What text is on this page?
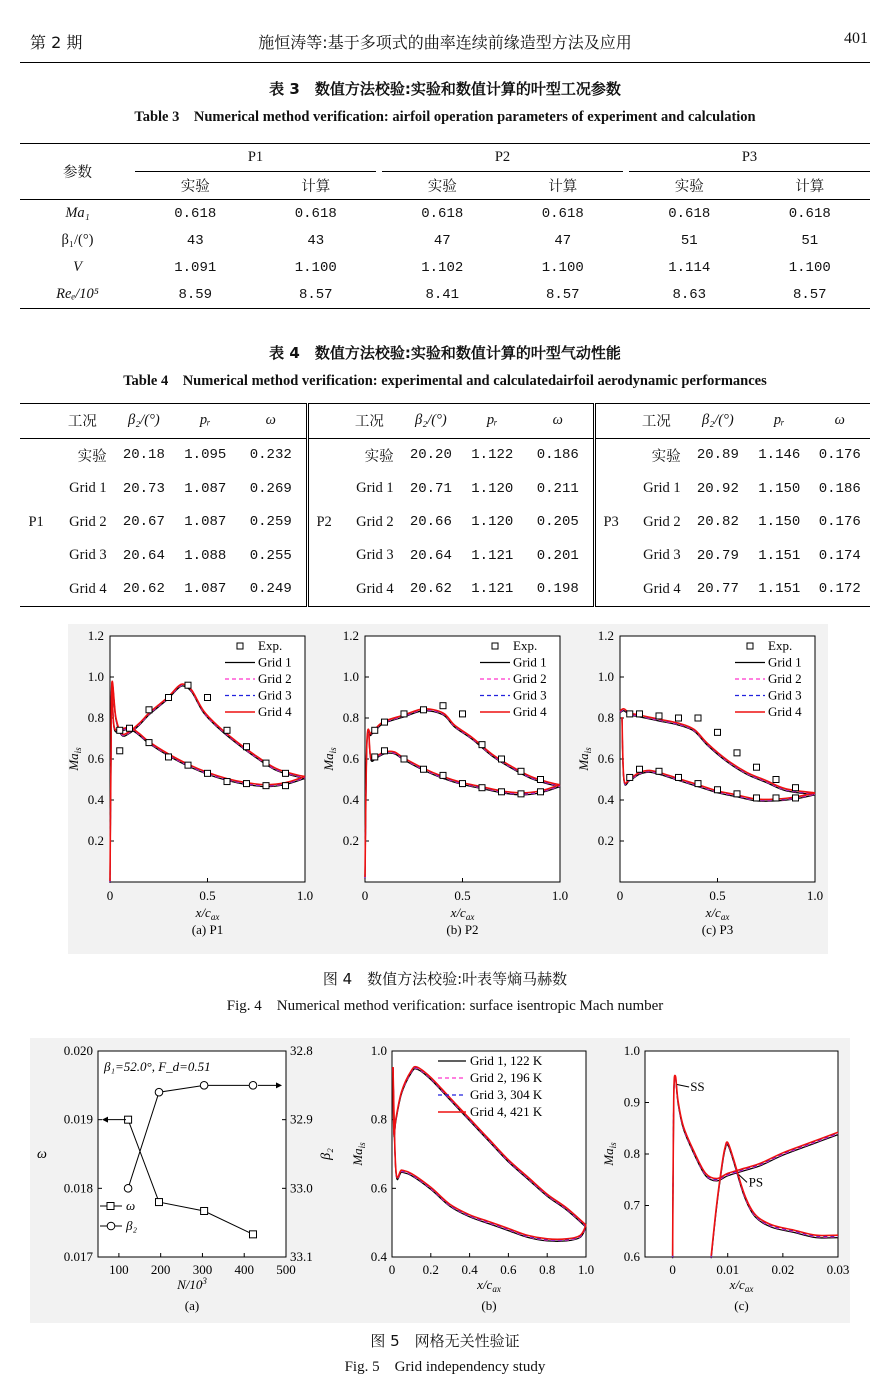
第 2 期	施恒涛等:基于多项式的曲率连续前缘造型方法及应用	401
表 3　数值方法校验:实验和数值计算的叶型工况参数
Table 3　Numerical method verification: airfoil operation parameters of experiment and calculation
参数	P1			P2			P3	
	实验	计算		实验	计算		实验	计算
Ma₁	0.618	0.618		0.618	0.618		0.618	0.618
β₁/(°)	43	43		47	47		51	51
V	1.091	1.100		1.102	1.100		1.114	1.100
Reₑ/10⁵	8.59	8.57		8.41	8.57		8.63	8.57
表 4　数值方法校验:实验和数值计算的叶型气动性能
Table 4　Numerical method verification: experimental and calculatedairfoil aerodynamic performances
	工况	β₂/(°)	pᵣ	ω		工况	β₂/(°)	pᵣ	ω		工况	β₂/(°)	pᵣ	ω
	实验	20.18	1.095	0.232		实验	20.20	1.122	0.186		实验	20.89	1.146	0.176
	Grid 1	20.73	1.087	0.269		Grid 1	20.71	1.120	0.211		Grid 1	20.92	1.150	0.186
P1	Grid 2	20.67	1.087	0.259	P2	Grid 2	20.66	1.120	0.205	P3	Grid 2	20.82	1.150	0.176
	Grid 3	20.64	1.088	0.255		Grid 3	20.64	1.121	0.201		Grid 3	20.79	1.151	0.174
	Grid 4	20.62	1.087	0.249		Grid 4	20.62	1.121	0.198		Grid 4	20.77	1.151	0.172
0.2
0.4
0.6
0.8
1.0
1.2
0	0.5	1.0
$x/c_{ax}$
$Ma_{is}$
(a) P1
Exp.
Grid 1
Grid 2
Grid 3
Grid 4
0.2
0.4
0.6
0.8
1.0
1.2
0	0.5	1.0
$x/c_{ax}$
$Ma_{is}$
(b) P2
Exp.
Grid 1
Grid 2
Grid 3
Grid 4
0.2
0.4
0.6
0.8
1.0
1.2
0	0.5	1.0
$x/c_{ax}$
$Ma_{is}$
(c) P3
Exp.
Grid 1
Grid 2
Grid 3
Grid 4
图 4　数值方法校验:叶表等熵马赫数
Fig. 4　Numerical method verification: surface isentropic Mach number
0.017
0.018
0.019
0.020	32.8
32.9
33.0
33.1
100 200 300 400 500
$N/10^3$
ω	β₂
(a)
β₁=52.0°, F_d=0.51
ω
β₂
0.4
0.6
0.8
1.0
0 0.2 0.4 0.6 0.8 1.0
$x/c_{ax}$
$Ma_{is}$
(b)
Grid 1, 122 K
Grid 2, 196 K
Grid 3, 304 K
Grid 4, 421 K
0.6
0.7
0.8
0.9
1.0
0	0.01 0.02 0.03
$x/c_{ax}$
$Ma_{is}$
(c)
SS
PS
图 5　网格无关性验证
Fig. 5　Grid independency study
